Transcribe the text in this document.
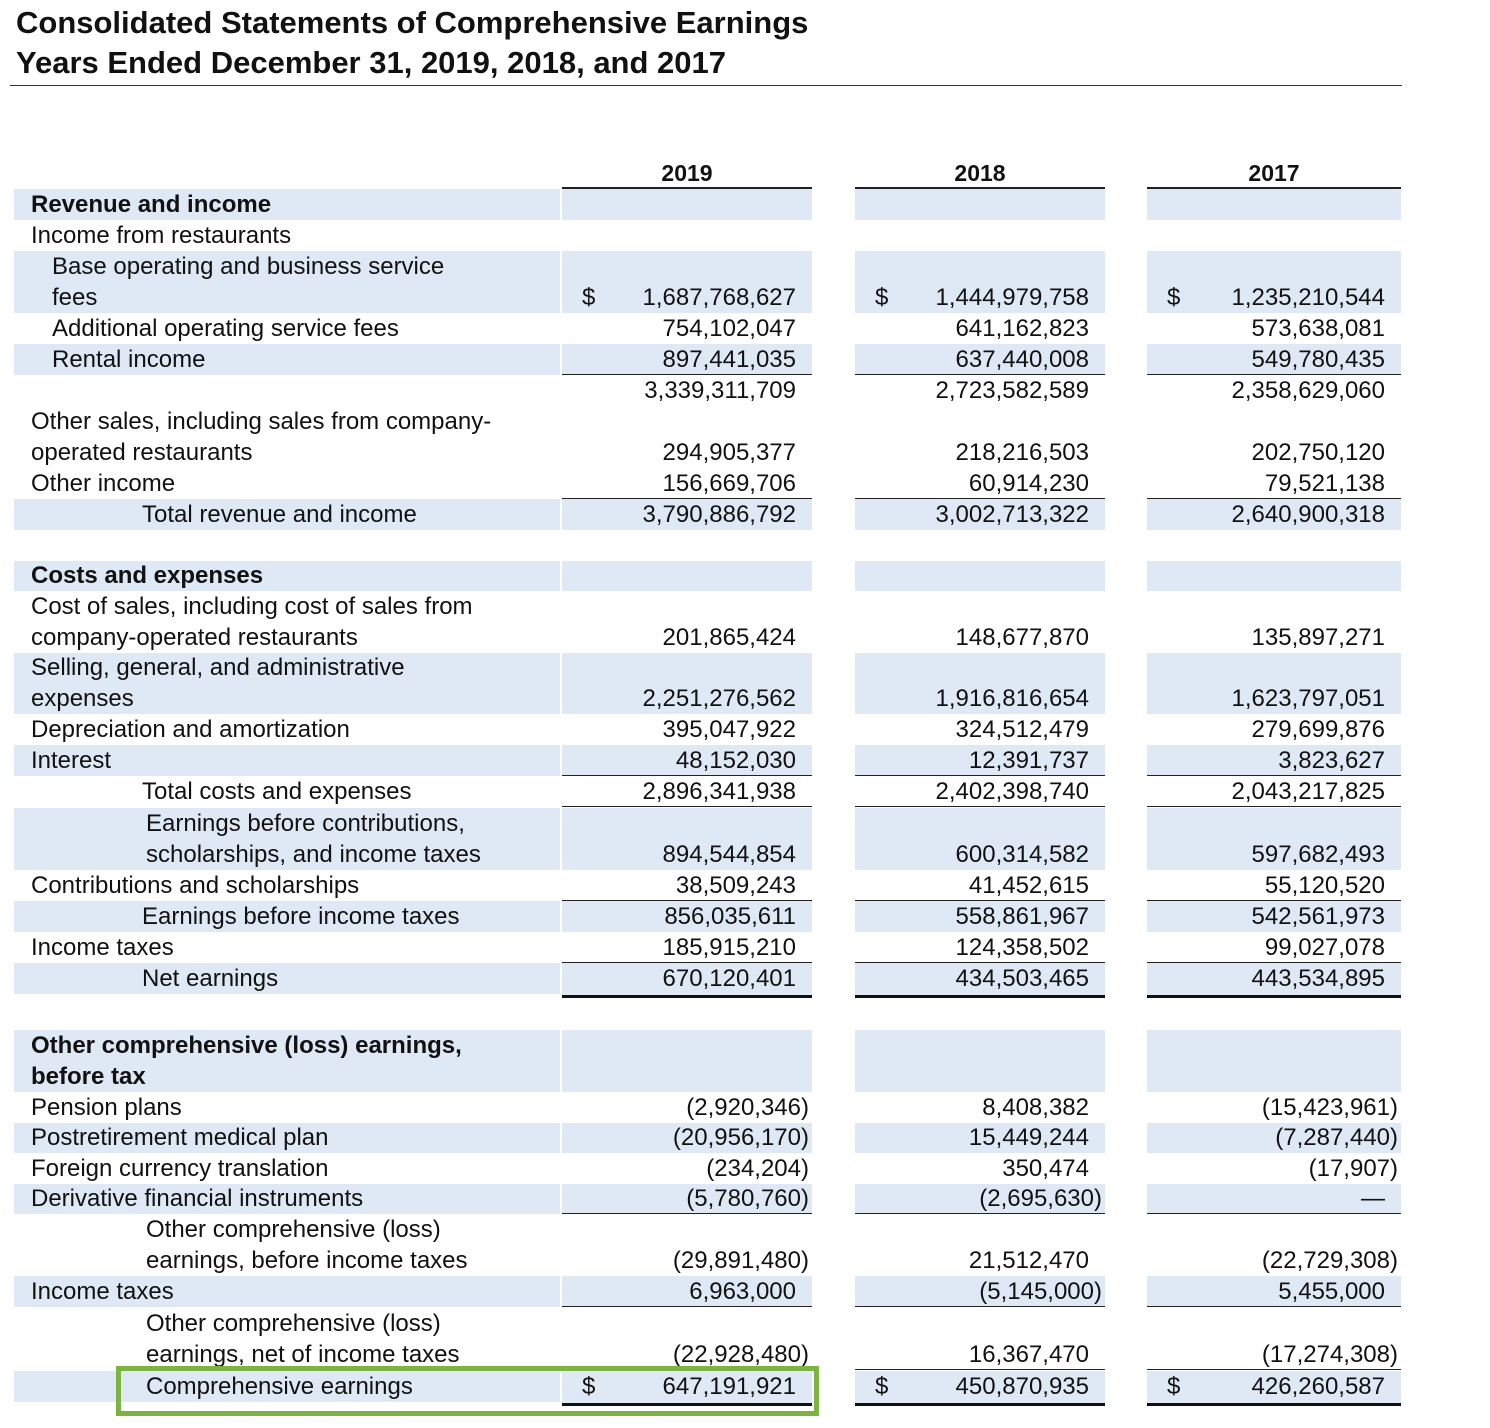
Consolidated Statements of Comprehensive Earnings
Years Ended December 31, 2019, 2018, and 2017
2019	2018	2017
Revenue and income
Income from restaurants
Base operating and business service
fees	$ 1,687,768,627	$ 1,444,979,758	$ 1,235,210,544
Additional operating service fees	754,102,047	641,162,823	573,638,081
Rental income	897,441,035	637,440,008	549,780,435
3,339,311,709	2,723,582,589	2,358,629,060
Other sales, including sales from company-
operated restaurants	294,905,377	218,216,503	202,750,120
Other income	156,669,706	60,914,230	79,521,138
Total revenue and income	3,790,886,792	3,002,713,322	2,640,900,318
Costs and expenses
Cost of sales, including cost of sales from
company-operated restaurants	201,865,424	148,677,870	135,897,271
Selling, general, and administrative
expenses	2,251,276,562	1,916,816,654	1,623,797,051
Depreciation and amortization	395,047,922	324,512,479	279,699,876
Interest	48,152,030	12,391,737	3,823,627
Total costs and expenses	2,896,341,938	2,402,398,740	2,043,217,825
Earnings before contributions,
scholarships, and income taxes	894,544,854	600,314,582	597,682,493
Contributions and scholarships	38,509,243	41,452,615	55,120,520
Earnings before income taxes	856,035,611	558,861,967	542,561,973
Income taxes	185,915,210	124,358,502	99,027,078
Net earnings	670,120,401	434,503,465	443,534,895
Other comprehensive (loss) earnings,
before tax
Pension plans	(2,920,346)	8,408,382	(15,423,961)
Postretirement medical plan	(20,956,170)	15,449,244	(7,287,440)
Foreign currency translation	(234,204)	350,474	(17,907)
Derivative financial instruments	(5,780,760)	(2,695,630)	—
Other comprehensive (loss)
earnings, before income taxes	(29,891,480)	21,512,470	(22,729,308)
Income taxes	6,963,000	(5,145,000)	5,455,000
Other comprehensive (loss)
earnings, net of income taxes	(22,928,480)	16,367,470	(17,274,308)
Comprehensive earnings	$	647,191,921	$	450,870,935	$	426,260,587
